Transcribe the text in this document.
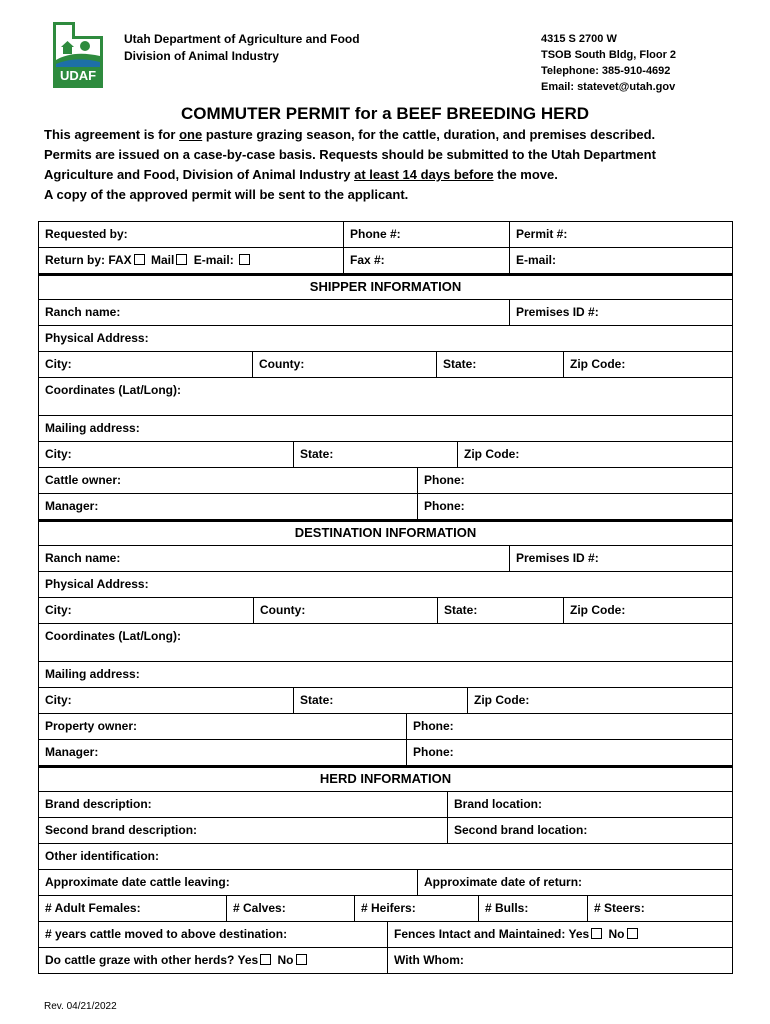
UDAF
Utah Department of Agriculture and Food
Division of Animal Industry
4315 S 2700 W
TSOB South Bldg, Floor 2
Telephone: 385-910-4692
Email: statevet@utah.gov
COMMUTER PERMIT for a BEEF BREEDING HERD

This agreement is for one pasture grazing season, for the cattle, duration, and premises described.

Permits are issued on a case-by-case basis. Requests should be submitted to the Utah Department

Agriculture and Food, Division of Animal Industry at least 14 days before the move.

A copy of the approved permit will be sent to the applicant.

Requested by:	Phone #:	Permit #:
Return by: FAX Mail E-mail:	Fax #:	E-mail:
SHIPPER INFORMATION
Ranch name:	Premises ID #:
Physical Address:
City:	County:	State:	Zip Code:
Coordinates (Lat/Long):
Mailing address:
City:	State:	Zip Code:
Cattle owner:	Phone:
Manager:	Phone:
DESTINATION INFORMATION
Ranch name:	Premises ID #:
Physical Address:
City:	County:	State:	Zip Code:
Coordinates (Lat/Long):
Mailing address:
City:	State:	Zip Code:
Property owner:	Phone:
Manager:	Phone:
HERD INFORMATION
Brand description:	Brand location:
Second brand description:	Second brand location:
Other identification:
Approximate date cattle leaving:	Approximate date of return:
# Adult Females:	# Calves:	# Heifers:	# Bulls:	# Steers:
# years cattle moved to above destination:	Fences Intact and Maintained: Yes No
Do cattle graze with other herds? Yes No	With Whom:
Rev. 04/21/2022
